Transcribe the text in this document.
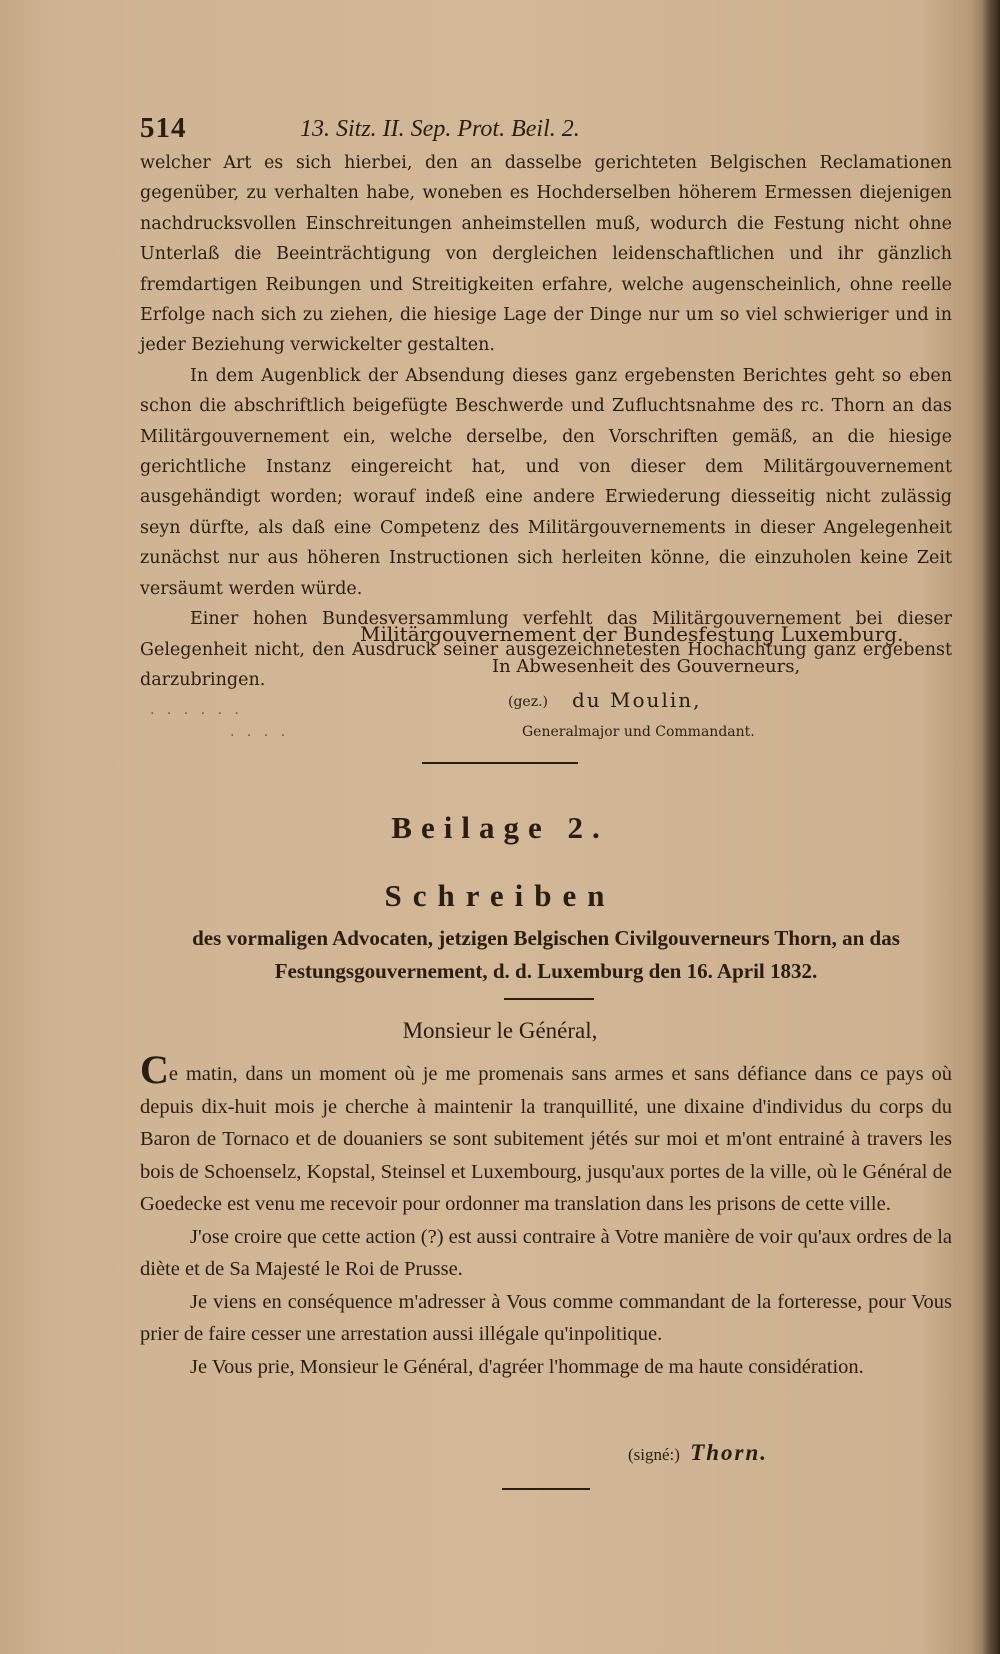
514	13. Sitz. II. Sep. Prot. Beil. 2.

welcher Art es sich hierbei, den an dasselbe gerichteten Belgischen Reclamationen gegenüber, zu verhalten habe, woneben es Hochderselben höherem Ermessen diejenigen nachdrucksvollen Einschreitungen anheimstellen muß, wodurch die Festung nicht ohne Unterlaß die Beeinträchtigung von dergleichen leidenschaftlichen und ihr gänzlich fremdartigen Reibungen und Streitigkeiten erfahre, welche augenscheinlich, ohne reelle Erfolge nach sich zu ziehen, die hiesige Lage der Dinge nur um so viel schwieriger und in jeder Beziehung verwickelter gestalten.

In dem Augenblick der Absendung dieses ganz ergebensten Berichtes geht so eben schon die abschriftlich beigefügte Beschwerde und Zufluchtsnahme des rc. Thorn an das Militärgouvernement ein, welche derselbe, den Vorschriften gemäß, an die hiesige gerichtliche Instanz eingereicht hat, und von dieser dem Militärgouvernement ausgehändigt worden; worauf indeß eine andere Erwiederung diesseitig nicht zulässig seyn dürfte, als daß eine Competenz des Militärgouvernements in dieser Angelegenheit zunächst nur aus höheren Instructionen sich herleiten könne, die einzuholen keine Zeit versäumt werden würde.

Einer hohen Bundesversammlung verfehlt das Militärgouvernement bei dieser Gelegenheit nicht, den Ausdruck seiner ausgezeichnetesten Hochachtung ganz ergebenst darzubringen.

Militärgouvernement der Bundesfestung Luxemburg.
In Abwesenheit des Gouverneurs,
(gez.) du Moulin,
Generalmajor und Commandant.
· · · · · ·
· · · ·
Beilage 2.
Schreiben
des vormaligen Advocaten, jetzigen Belgischen Civilgouverneurs Thorn, an das Festungsgouvernement, d. d. Luxemburg den 16. April 1832.
Monsieur le Général,

Ce matin, dans un moment où je me promenais sans armes et sans défiance dans ce pays où depuis dix-huit mois je cherche à maintenir la tranquillité, une dixaine d'individus du corps du Baron de Tornaco et de douaniers se sont subitement jétés sur moi et m'ont entrainé à travers les bois de Schoenselz, Kopstal, Steinsel et Luxembourg, jusqu'aux portes de la ville, où le Général de Goedecke est venu me recevoir pour ordonner ma translation dans les prisons de cette ville.

J'ose croire que cette action (?) est aussi contraire à Votre manière de voir qu'aux ordres de la diète et de Sa Majesté le Roi de Prusse.

Je viens en conséquence m'adresser à Vous comme commandant de la forteresse, pour Vous prier de faire cesser une arrestation aussi illégale qu'inpolitique.

Je Vous prie, Monsieur le Général, d'agréer l'hommage de ma haute considération.

(signé:) Thorn.
